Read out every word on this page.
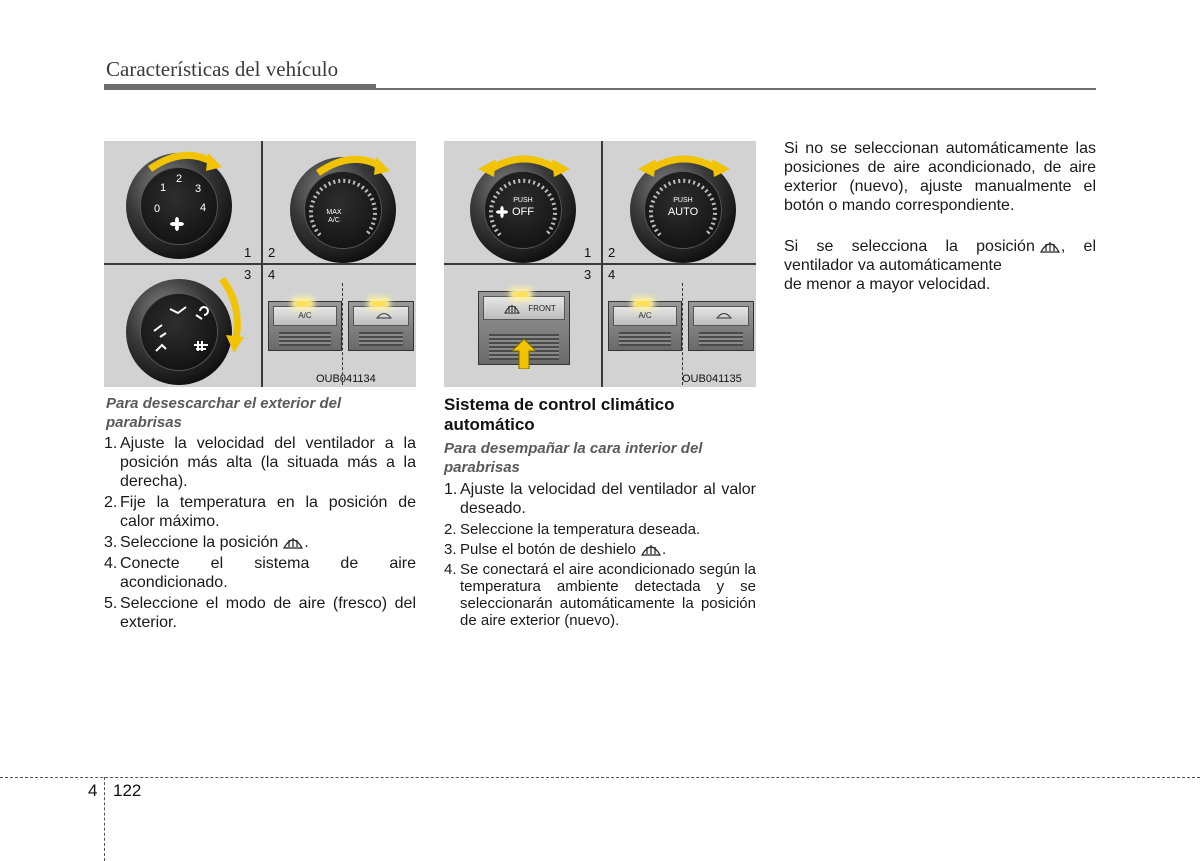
Características del vehículo
0
1
2
3
4	MAX
A/C
1 2
3 4
A/C
OUB041134
PUSH
OFF
PUSH
AUTO
1 2
3 4
FRONT
A/C
OUB041135
Para desescarchar el exterior del parabrisas
1. Ajuste la velocidad del ventilador a la posición más alta (la situada más a la derecha).
2. Fije la temperatura en la posición de calor máximo.
3. Seleccione la posición .
4. Conecte el sistema de aire acondicionado.
5. Seleccione el modo de aire (fresco) del exterior.
Sistema de control climático automático
Para desempañar la cara interior del parabrisas
1. Ajuste la velocidad del ventilador al valor deseado.
2. Seleccione la temperatura deseada.
3. Pulse el botón de deshielo .
4. Se conectará el aire acondicionado según la temperatura ambiente detectada y se seleccionarán automáticamente la posición de aire exterior (nuevo).
Si no se seleccionan automáticamente las posiciones de aire acondicionado, de aire exterior (nuevo), ajuste manualmente el botón o mando correspondiente.
Si se selecciona la posición , el ventilador va automáticamente
de menor a mayor velocidad.
4 122
